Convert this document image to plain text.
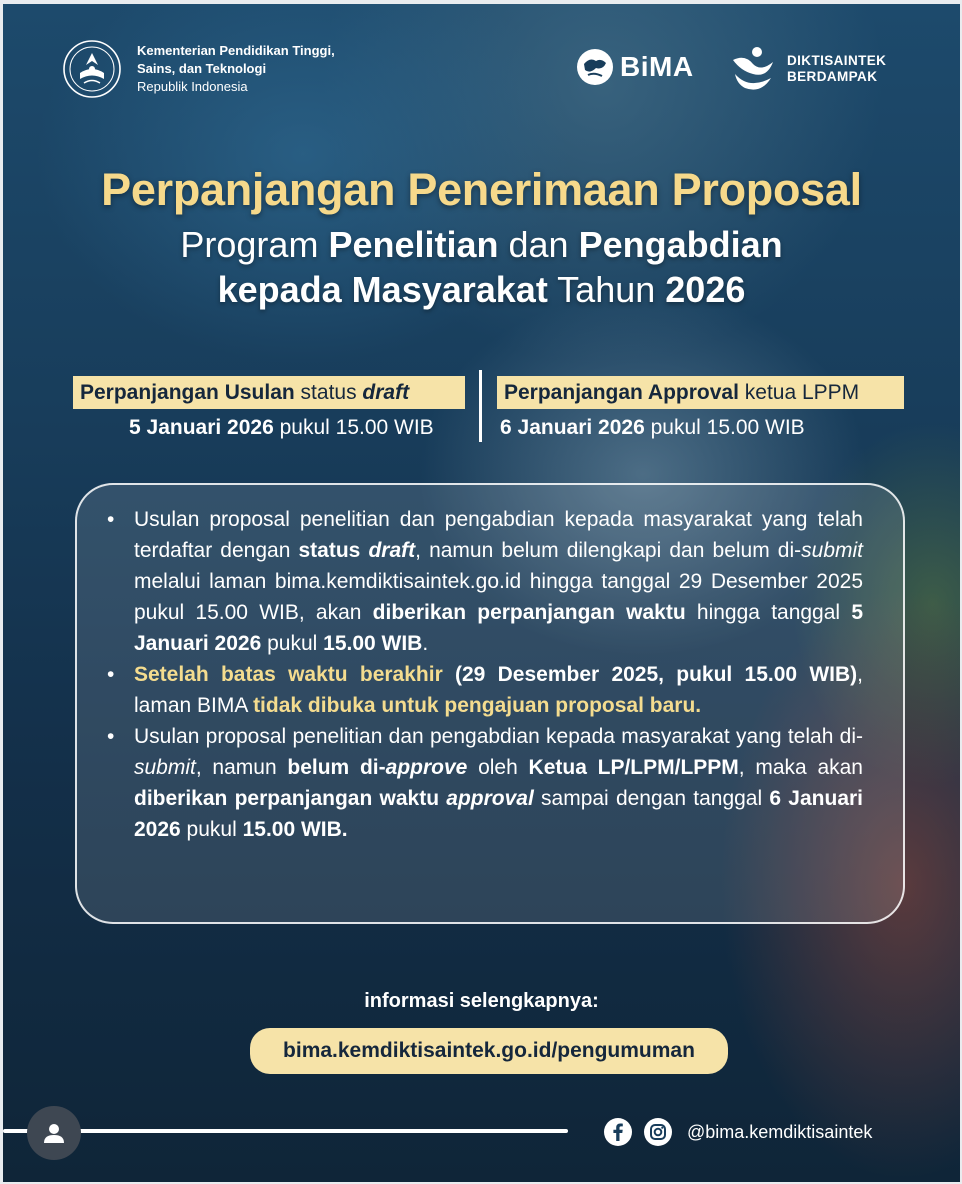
Kementerian Pendidikan Tinggi,
Sains, dan Teknologi
Republik Indonesia
BiMA	DIKTISAINTEK
BERDAMPAK
Perpanjangan Penerimaan Proposal
Program Penelitian dan Pengabdian
kepada Masyarakat Tahun 2026
Perpanjangan Usulan status draft
5 Januari 2026 pukul 15.00 WIB
Perpanjangan Approval ketua LPPM
6 Januari 2026 pukul 15.00 WIB
• Usulan proposal penelitian dan pengabdian kepada masyarakat yang telah terdaftar dengan status draft, namun belum dilengkapi dan belum di-submit melalui laman bima.kemdiktisaintek.go.id hingga tanggal 29 Desember 2025 pukul 15.00 WIB, akan diberikan perpanjangan waktu hingga tanggal 5 Januari 2026 pukul 15.00 WIB.
• Setelah batas waktu berakhir (29 Desember 2025, pukul 15.00 WIB), laman BIMA tidak dibuka untuk pengajuan proposal baru.
• Usulan proposal penelitian dan pengabdian kepada masyarakat yang telah di-submit, namun belum di-approve oleh Ketua LP/LPM/LPPM, maka akan diberikan perpanjangan waktu approval sampai dengan tanggal 6 Januari 2026 pukul 15.00 WIB.
informasi selengkapnya:
bima.kemdiktisaintek.go.id/pengumuman
@bima.kemdiktisaintek
